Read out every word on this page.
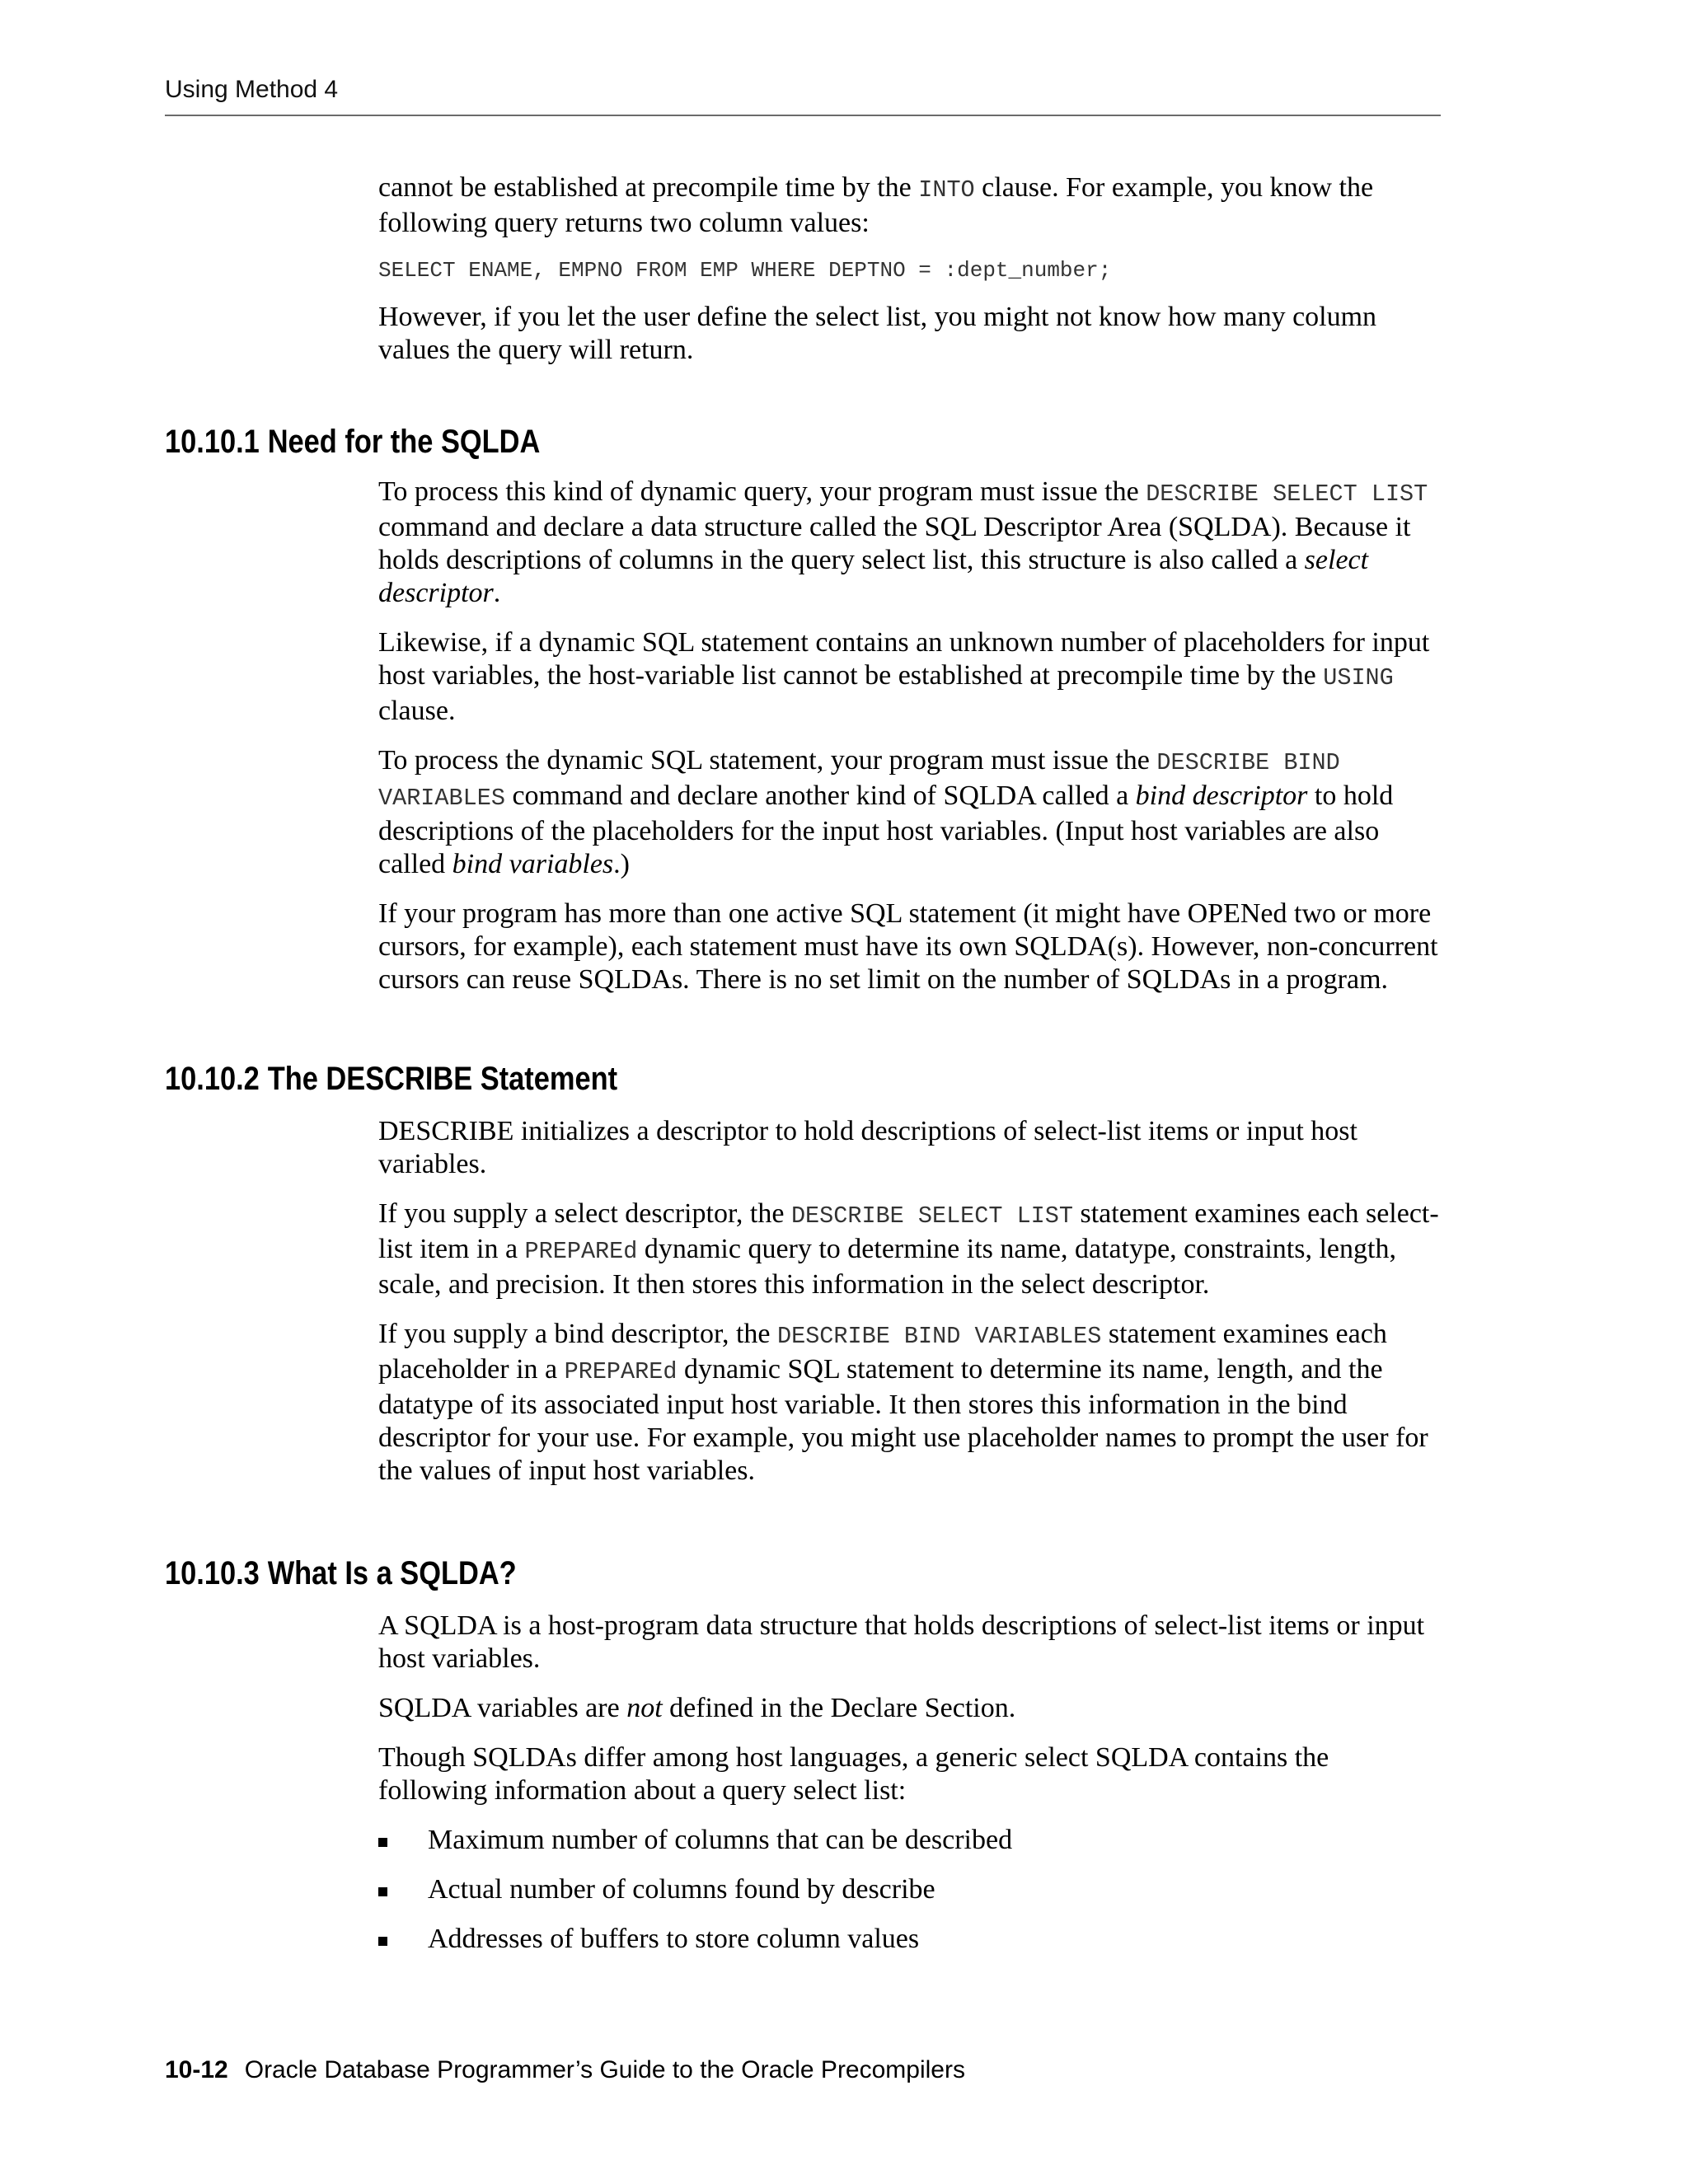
Using Method 4

cannot be established at precompile time by the INTO clause. For example, you know the following query returns two column values:

SELECT ENAME, EMPNO FROM EMP WHERE DEPTNO = :dept_number;

However, if you let the user define the select list, you might not know how many column values the query will return.

10.10.1 Need for the SQLDA

To process this kind of dynamic query, your program must issue the DESCRIBE SELECT LIST command and declare a data structure called the SQL Descriptor Area (SQLDA). Because it holds descriptions of columns in the query select list, this structure is also called a select descriptor.

Likewise, if a dynamic SQL statement contains an unknown number of placeholders for input host variables, the host-variable list cannot be established at precompile time by the USING clause.

To process the dynamic SQL statement, your program must issue the DESCRIBE BIND VARIABLES command and declare another kind of SQLDA called a bind descriptor to hold descriptions of the placeholders for the input host variables. (Input host variables are also called bind variables.)

If your program has more than one active SQL statement (it might have OPENed two or more cursors, for example), each statement must have its own SQLDA(s). However, non-concurrent cursors can reuse SQLDAs. There is no set limit on the number of SQLDAs in a program.

10.10.2 The DESCRIBE Statement

DESCRIBE initializes a descriptor to hold descriptions of select-list items or input host variables.

If you supply a select descriptor, the DESCRIBE SELECT LIST statement examines each select-list item in a PREPAREd dynamic query to determine its name, datatype, constraints, length, scale, and precision. It then stores this information in the select descriptor.

If you supply a bind descriptor, the DESCRIBE BIND VARIABLES statement examines each placeholder in a PREPAREd dynamic SQL statement to determine its name, length, and the datatype of its associated input host variable. It then stores this information in the bind descriptor for your use. For example, you might use placeholder names to prompt the user for the values of input host variables.

10.10.3 What Is a SQLDA?

A SQLDA is a host-program data structure that holds descriptions of select-list items or input host variables.

SQLDA variables are not defined in the Declare Section.

Though SQLDAs differ among host languages, a generic select SQLDA contains the following information about a query select list:

Maximum number of columns that can be described
Actual number of columns found by describe
Addresses of buffers to store column values
10-12 Oracle Database Programmer’s Guide to the Oracle Precompilers
